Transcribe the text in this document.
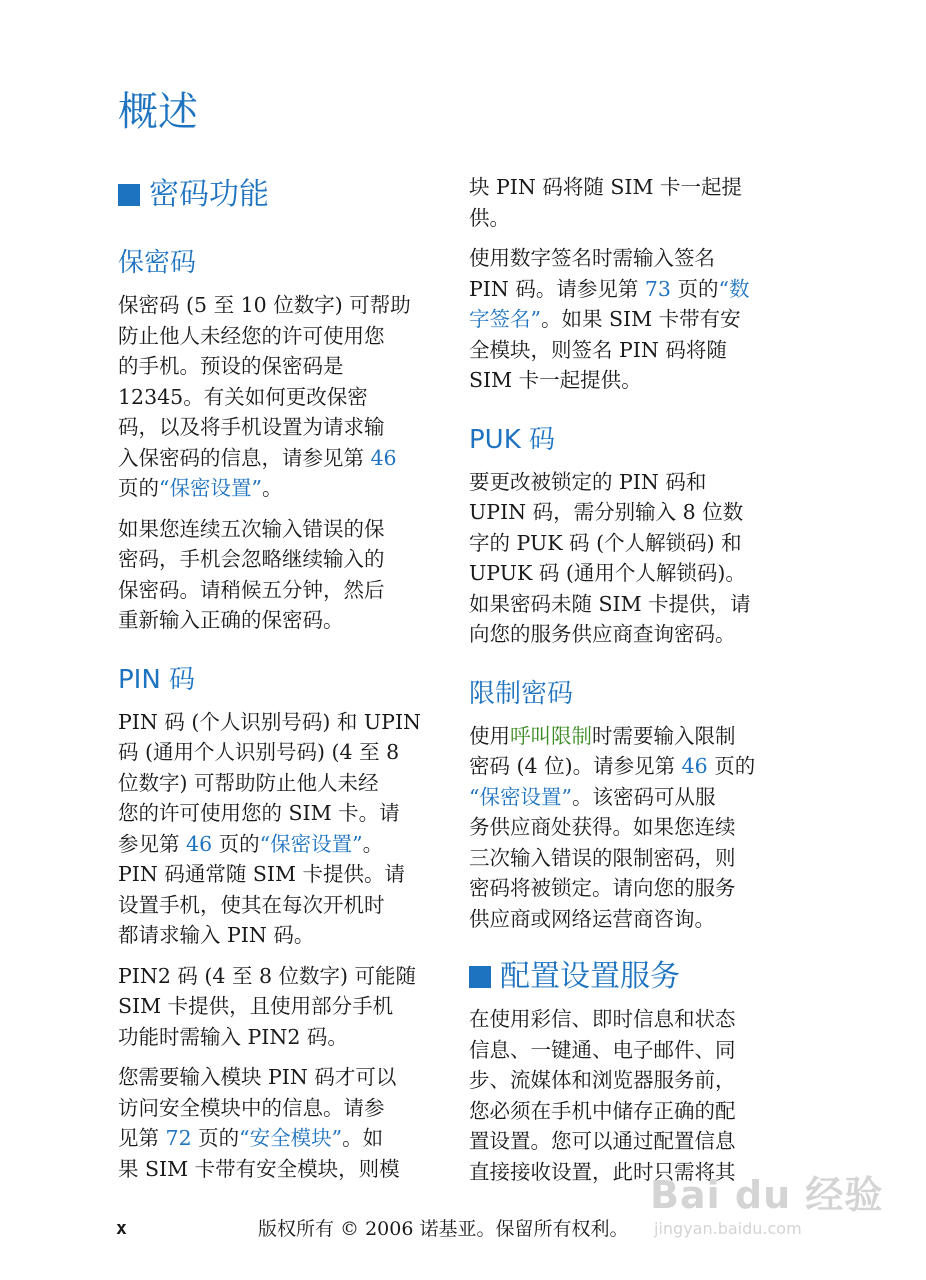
概述
密码功能
保密码

保密码 (5 至 10 位数字) 可帮助
防止他人未经您的许可使用您
的手机。预设的保密码是
12345。有关如何更改保密
码，以及将手机设置为请求输
入保密码的信息，请参见第 46
页的“保密设置”。

如果您连续五次输入错误的保
密码，手机会忽略继续输入的
保密码。请稍候五分钟，然后
重新输入正确的保密码。

PIN 码

PIN 码 (个人识别号码) 和 UPIN
码 (通用个人识别号码) (4 至 8
位数字) 可帮助防止他人未经
您的许可使用您的 SIM 卡。请
参见第 46 页的“保密设置”。
PIN 码通常随 SIM 卡提供。请
设置手机，使其在每次开机时
都请求输入 PIN 码。

PIN2 码 (4 至 8 位数字) 可能随
SIM 卡提供，且使用部分手机
功能时需输入 PIN2 码。

您需要输入模块 PIN 码才可以
访问安全模块中的信息。请参
见第 72 页的“安全模块”。如
果 SIM 卡带有安全模块，则模

块 PIN 码将随 SIM 卡一起提
供。

使用数字签名时需输入签名
PIN 码。请参见第 73 页的“数
字签名”。如果 SIM 卡带有安
全模块，则签名 PIN 码将随
SIM 卡一起提供。

PUK 码

要更改被锁定的 PIN 码和
UPIN 码，需分别输入 8 位数
字的 PUK 码 (个人解锁码) 和
UPUK 码 (通用个人解锁码)。
如果密码未随 SIM 卡提供，请
向您的服务供应商查询密码。

限制密码

使用呼叫限制时需要输入限制
密码 (4 位)。请参见第 46 页的
“保密设置”。该密码可从服
务供应商处获得。如果您连续
三次输入错误的限制密码，则
密码将被锁定。请向您的服务
供应商或网络运营商咨询。

配置设置服务

在使用彩信、即时信息和状态
信息、一键通、电子邮件、同
步、流媒体和浏览器服务前，
您必须在手机中储存正确的配
置设置。您可以通过配置信息
直接接收设置，此时只需将其

x	版权所有 © 2006 诺基亚。保留所有权利。
Bai du 经验
jingyan.baidu.com
